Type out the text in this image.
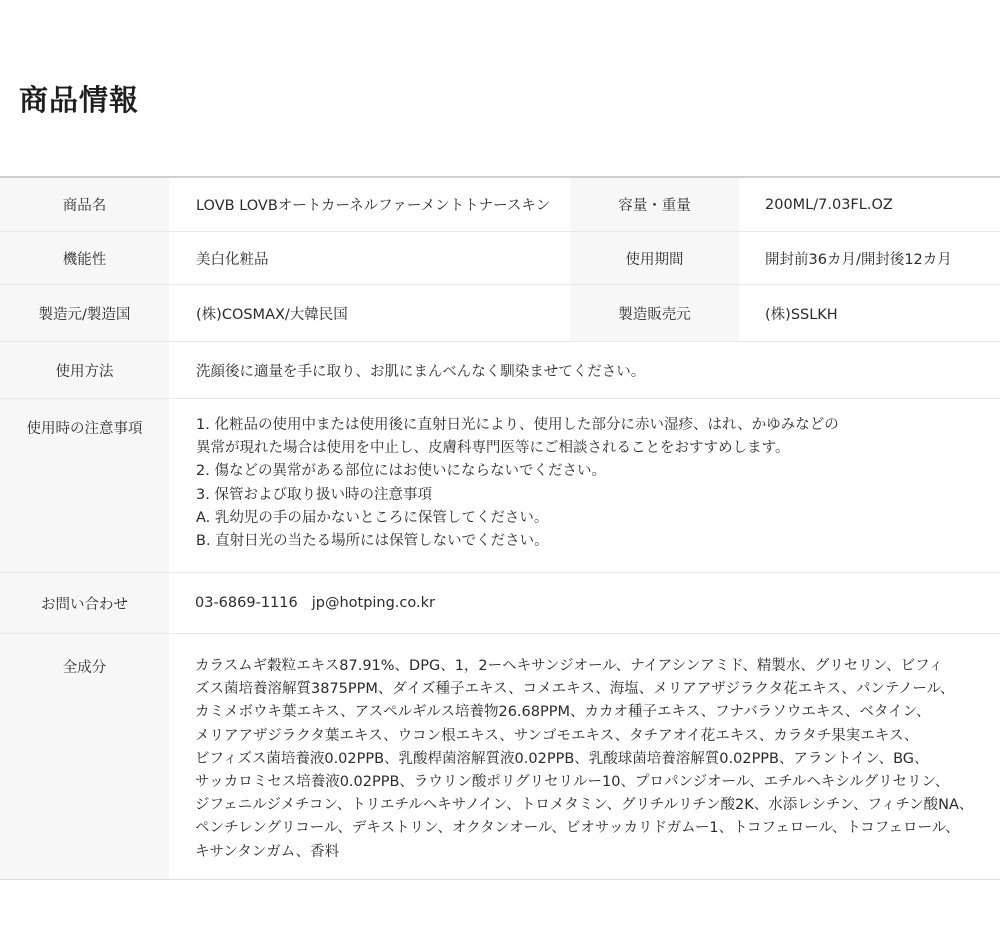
商品情報
商品名	LOVB LOVBオートカーネルファーメントトナースキン	容量・重量	200ML/7.03FL.OZ
機能性	美白化粧品	使用期間	開封前36カ月/開封後12カ月
製造元/製造国	(株)COSMAX/大韓民国	製造販売元	(株)SSLKH
使用方法	洗顔後に適量を手に取り、お肌にまんべんなく馴染ませてください。
使用時の注意事項	1. 化粧品の使用中または使用後に直射日光により、使用した部分に赤い湿疹、はれ、かゆみなどの
異常が現れた場合は使用を中止し、皮膚科専門医等にご相談されることをおすすめします。
2. 傷などの異常がある部位にはお使いにならないでください。
3. 保管および取り扱い時の注意事項
A. 乳幼児の手の届かないところに保管してください。
B. 直射日光の当たる場所には保管しないでください。
お問い合わせ	03-6869-1116 jp@hotping.co.kr
全成分	カラスムギ穀粒エキス87.91%、DPG、1，2ーヘキサンジオール、ナイアシンアミド、精製水、グリセリン、ビフィ
ズス菌培養溶解質3875PPM、ダイズ種子エキス、コメエキス、海塩、メリアアザジラクタ花エキス、パンテノール、
カミメボウキ葉エキス、アスペルギルス培養物26.68PPM、カカオ種子エキス、フナバラソウエキス、ベタイン、
メリアアザジラクタ葉エキス、ウコン根エキス、サンゴモエキス、タチアオイ花エキス、カラタチ果実エキス、
ビフィズス菌培養液0.02PPB、乳酸桿菌溶解質液0.02PPB、乳酸球菌培養溶解質0.02PPB、アラントイン、BG、
サッカロミセス培養液0.02PPB、ラウリン酸ポリグリセリルー10、プロパンジオール、エチルヘキシルグリセリン、
ジフェニルジメチコン、トリエチルヘキサノイン、トロメタミン、グリチルリチン酸2K、水添レシチン、フィチン酸NA、
ペンチレングリコール、デキストリン、オクタンオール、ビオサッカリドガムー1、トコフェロール、トコフェロール、
キサンタンガム、香料
